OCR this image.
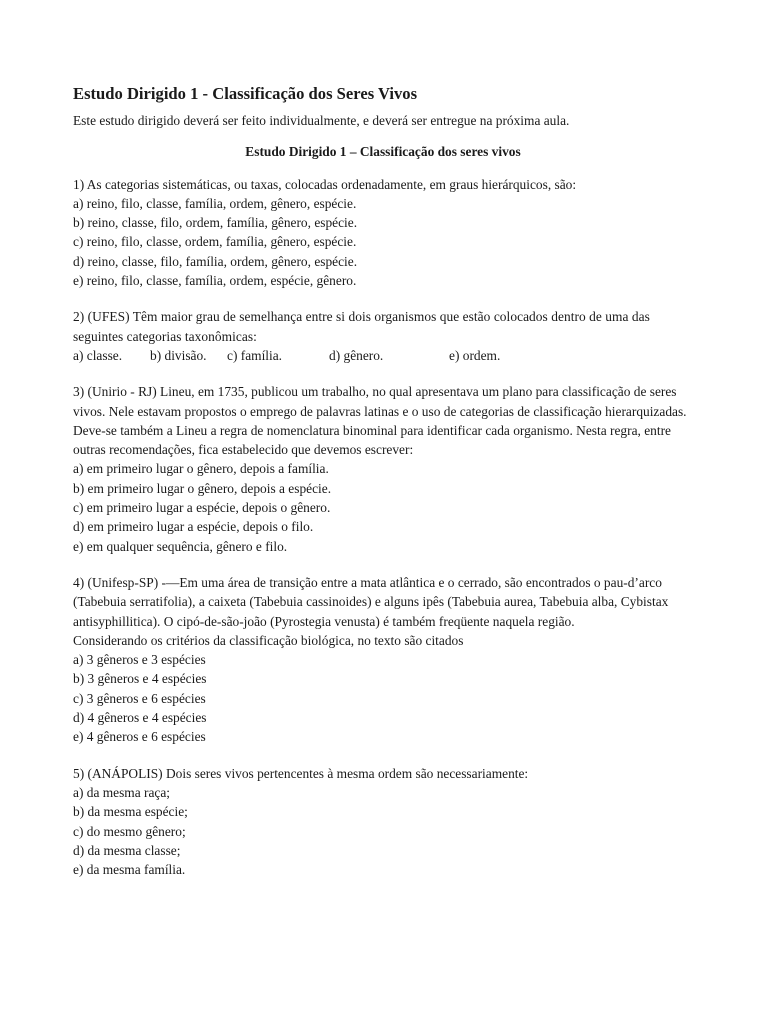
Estudo Dirigido 1 - Classificação dos Seres Vivos
Este estudo dirigido deverá ser feito individualmente, e deverá ser entregue na próxima aula.
Estudo Dirigido 1 – Classificação dos seres vivos
1) As categorias sistemáticas, ou taxas, colocadas ordenadamente, em graus hierárquicos, são:
a) reino, filo, classe, família, ordem, gênero, espécie.
b) reino, classe, filo, ordem, família, gênero, espécie.
c) reino, filo, classe, ordem, família, gênero, espécie.
d) reino, classe, filo, família, ordem, gênero, espécie.
e) reino, filo, classe, família, ordem, espécie, gênero.
2) (UFES) Têm maior grau de semelhança entre si dois organismos que estão colocados dentro de uma das seguintes categorias taxonômicas:
a) classe.	b) divisão.	c) família.	d) gênero.	e) ordem.
3) (Unirio - RJ) Lineu, em 1735, publicou um trabalho, no qual apresentava um plano para classificação de seres vivos. Nele estavam propostos o emprego de palavras latinas e o uso de categorias de classificação hierarquizadas. Deve-se também a Lineu a regra de nomenclatura binominal para identificar cada organismo. Nesta regra, entre outras recomendações, fica estabelecido que devemos escrever:
a) em primeiro lugar o gênero, depois a família.
b) em primeiro lugar o gênero, depois a espécie.
c) em primeiro lugar a espécie, depois o gênero.
d) em primeiro lugar a espécie, depois o filo.
e) em qualquer sequência, gênero e filo.
4) (Unifesp-SP) -—Em uma área de transição entre a mata atlântica e o cerrado, são encontrados o pau-d’arco (Tabebuia serratifolia), a caixeta (Tabebuia cassinoides) e alguns ipês (Tabebuia aurea, Tabebuia alba, Cybistax antisyphillitica). O cipó-de-são-joão (Pyrostegia venusta) é também freqüente naquela região.
Considerando os critérios da classificação biológica, no texto são citados
a) 3 gêneros e 3 espécies
b) 3 gêneros e 4 espécies
c) 3 gêneros e 6 espécies
d) 4 gêneros e 4 espécies
e) 4 gêneros e 6 espécies
5) (ANÁPOLIS) Dois seres vivos pertencentes à mesma ordem são necessariamente:
a) da mesma raça;
b) da mesma espécie;
c) do mesmo gênero;
d) da mesma classe;
e) da mesma família.
